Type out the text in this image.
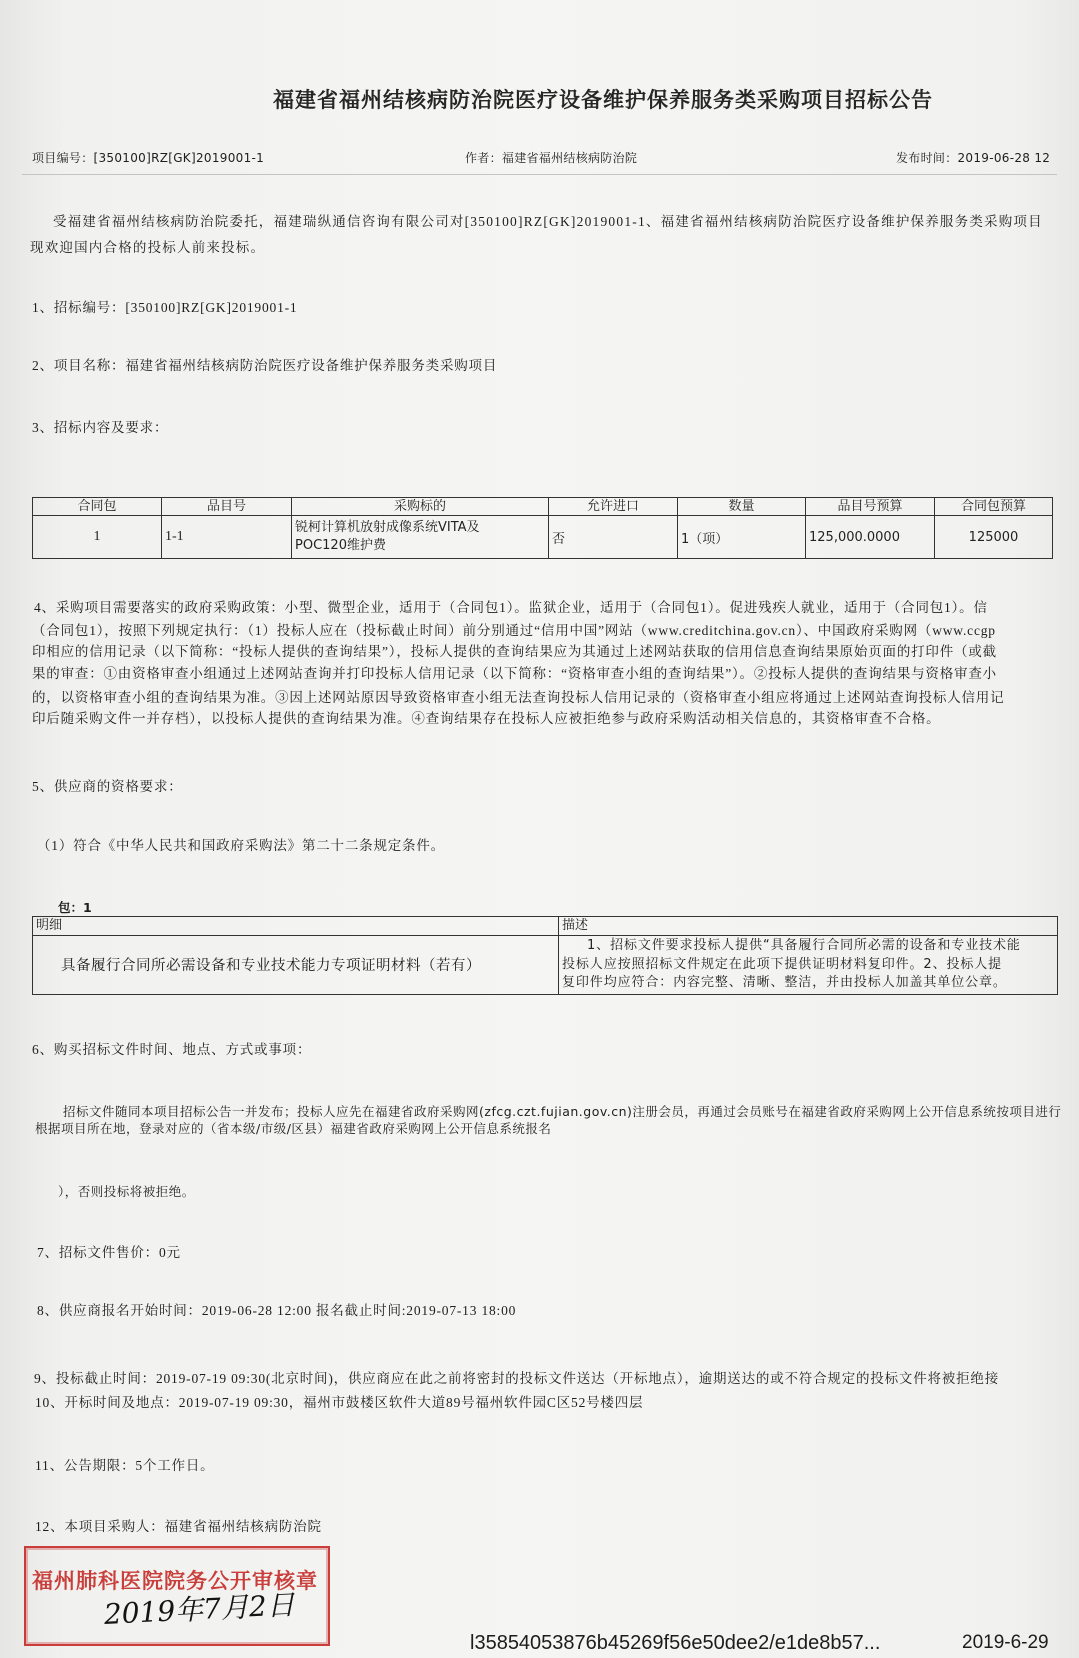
福建省福州结核病防治院医疗设备维护保养服务类采购项目招标公告
项目编号：[350100]RZ[GK]2019001-1	作者：福建省福州结核病防治院	发布时间：2019-06-28 12
受福建省福州结核病防治院委托，福建瑞纵通信咨询有限公司对[350100]RZ[GK]2019001-1、福建省福州结核病防治院医疗设备维护保养服务类采购项目
现欢迎国内合格的投标人前来投标。
1、招标编号：[350100]RZ[GK]2019001-1
2、项目名称：福建省福州结核病防治院医疗设备维护保养服务类采购项目
3、招标内容及要求：
合同包	品目号	采购标的	允许进口	数量	品目号预算	合同包预算
1	1-1	锐柯计算机放射成像系统VITA及
POC120维护费	否	1（项）	125,000.0000	125000
4、采购项目需要落实的政府采购政策：小型、微型企业，适用于（合同包1）。监狱企业，适用于（合同包1）。促进残疾人就业，适用于（合同包1）。信
（合同包1），按照下列规定执行：（1）投标人应在（投标截止时间）前分别通过“信用中国”网站（www.creditchina.gov.cn）、中国政府采购网（www.ccgp
印相应的信用记录（以下简称：“投标人提供的查询结果”），投标人提供的查询结果应为其通过上述网站获取的信用信息查询结果原始页面的打印件（或截
果的审查：①由资格审查小组通过上述网站查询并打印投标人信用记录（以下简称：“资格审查小组的查询结果”）。②投标人提供的查询结果与资格审查小
的，以资格审查小组的查询结果为准。③因上述网站原因导致资格审查小组无法查询投标人信用记录的（资格审查小组应将通过上述网站查询投标人信用记
印后随采购文件一并存档），以投标人提供的查询结果为准。④查询结果存在投标人应被拒绝参与政府采购活动相关信息的，其资格审查不合格。
5、供应商的资格要求：
（1）符合《中华人民共和国政府采购法》第二十二条规定条件。
包：1
明细	描述
具备履行合同所必需设备和专业技术能力专项证明材料（若有）	1、招标文件要求投标人提供“具备履行合同所必需的设备和专业技术能
投标人应按照招标文件规定在此项下提供证明材料复印件。2、投标人提
复印件均应符合：内容完整、清晰、整洁，并由投标人加盖其单位公章。
6、购买招标文件时间、地点、方式或事项：
招标文件随同本项目招标公告一并发布；投标人应先在福建省政府采购网(zfcg.czt.fujian.gov.cn)注册会员，再通过会员账号在福建省政府采购网上公开信息系统按项目进行
根据项目所在地，登录对应的（省本级/市级/区县）福建省政府采购网上公开信息系统报名
），否则投标将被拒绝。
7、招标文件售价：0元
8、供应商报名开始时间：2019-06-28 12:00 报名截止时间:2019-07-13 18:00
9、投标截止时间：2019-07-19 09:30(北京时间)，供应商应在此之前将密封的投标文件送达（开标地点），逾期送达的或不符合规定的投标文件将被拒绝接
10、开标时间及地点：2019-07-19 09:30，福州市鼓楼区软件大道89号福州软件园C区52号楼四层
11、公告期限：5个工作日。
12、本项目采购人：福建省福州结核病防治院
福州肺科医院院务公开审核章
2019年7月2日
l35854053876b45269f56e50dee2/e1de8b57...	2019-6-29
